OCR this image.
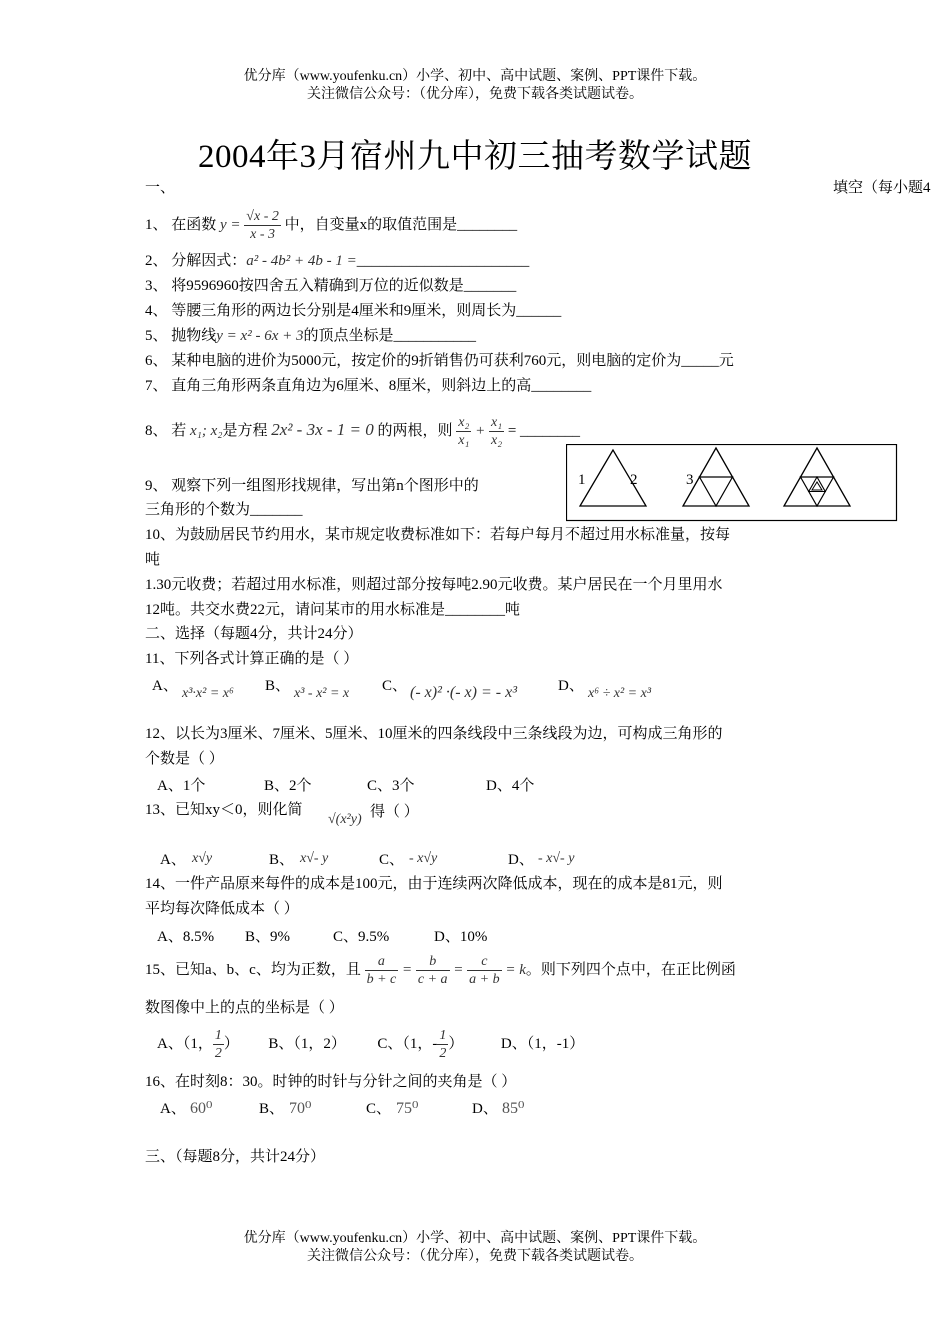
优分库（www.youfenku.cn）小学、初中、高中试题、案例、PPT课件下载。
关注微信公众号：（优分库），免费下载各类试题试卷。
2004年3月宿州九中初三抽考数学试题
一、	填空（每小题4
1、 在函数 $y = \frac{√x - 2}{x - 3}$ 中，自变量x的取值范围是________
2、 分解因式：a² - 4b² + 4b - 1 =_______________________
3、 将9596960按四舍五入精确到万位的近似数是_______
4、 等腰三角形的两边长分别是4厘米和9厘米，则周长为______
5、 抛物线y = x² - 6x + 3的顶点坐标是___________
6、 某种电脑的进价为5000元，按定价的9折销售仍可获利760元，则电脑的定价为_____元
7、 直角三角形两条直角边为6厘米、8厘米，则斜边上的高________
8、 若 x₁; x₂是方程 2x² - 3x - 1 = 0 的两根，则 $\frac{\text{x₂}}{\text{x₁}} + \frac{\text{x₁}}{\text{x₂}}$ = ________
9、 观察下列一组图形找规律，写出第n个图形中的
三角形的个数为_______
1	2	3
10、为鼓励居民节约用水，某市规定收费标准如下：若每户每月不超过用水标准量，按每
吨
1.30元收费；若超过用水标准，则超过部分按每吨2.90元收费。某户居民在一个月里用水
12吨。共交水费22元，请问某市的用水标准是________吨
二、选择（每题4分，共计24分）
11、下列各式计算正确的是（ ）
A、 x³·x² = x⁶ B、 x³ - x² = x C、 (- x)² ·(- x) = - x³	D、 x⁶ ÷ x² = x³
12、以长为3厘米、7厘米、5厘米、10厘米的四条线段中三条线段为边，可构成三角形的
个数是（ ）
A、1个	B、2个	C、3个	D、4个
13、已知xy＜0，则化简
√(x²y) 得（ ）
A、 x√y	B、 x√- y	C、 - x√y	D、 - x√- y
14、一件产品原来每件的成本是100元，由于连续两次降低成本，现在的成本是81元，则
平均每次降低成本（ ）
A、8.5% B、9%	C、9.5%	D、10%
15、已知a、b、c、均为正数，且 $\frac{a}{b + c} = \frac{b}{c + a} = \frac{c}{a + b} = k$。则下列四个点中，在正比例函
数图像中上的点的坐标是（ ）
A、（1， $\frac{1}{2}$ ） B、（1，2） C、（1，- $\frac{1}{2}$ ）	D、（1，-1）
16、在时刻8：30。时钟的时针与分针之间的夹角是（ ）
A、 60⁰	B、 70⁰	C、 75⁰	D、 85⁰
三、（每题8分，共计24分）
优分库（www.youfenku.cn）小学、初中、高中试题、案例、PPT课件下载。
关注微信公众号：（优分库），免费下载各类试题试卷。
